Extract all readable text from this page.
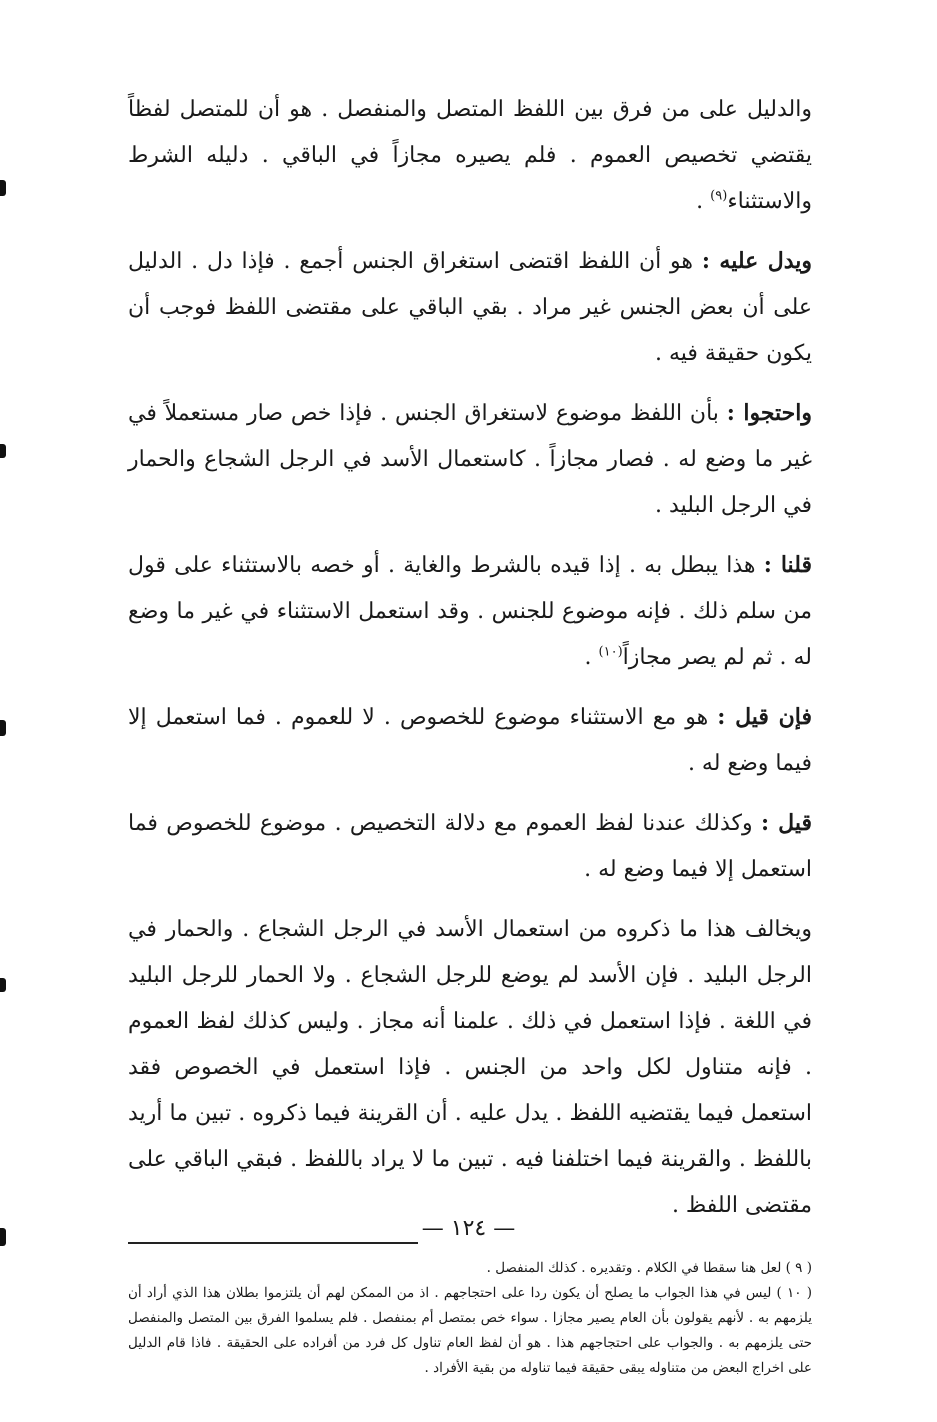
والدليل على من فرق بين اللفظ المتصل والمنفصل . هو أن للمتصل لفظاً يقتضي تخصيص العموم . فلم يصيره مجازاً في الباقي . دليله الشرط والاستثناء$^{(٩)}$ .

ويدل عليه : هو أن اللفظ اقتضى استغراق الجنس أجمع . فإذا دل . الدليل على أن بعض الجنس غير مراد . بقي الباقي على مقتضى اللفظ فوجب أن يكون حقيقة فيه .

واحتجوا : بأن اللفظ موضوع لاستغراق الجنس . فإذا خص صار مستعملاً في غير ما وضع له . فصار مجازاً . كاستعمال الأسد في الرجل الشجاع والحمار في الرجل البليد .

قلنا : هذا يبطل به . إذا قيده بالشرط والغاية . أو خصه بالاستثناء على قول من سلم ذلك . فإنه موضوع للجنس . وقد استعمل الاستثناء في غير ما وضع له . ثم لم يصر مجازاً$^{(١٠)}$ .

فإن قيل : هو مع الاستثناء موضوع للخصوص . لا للعموم . فما استعمل إلا فيما وضع له .

قيل : وكذلك عندنا لفظ العموم مع دلالة التخصيص . موضوع للخصوص فما استعمل إلا فيما وضع له .

ويخالف هذا ما ذكروه من استعمال الأسد في الرجل الشجاع . والحمار في الرجل البليد . فإن الأسد لم يوضع للرجل الشجاع . ولا الحمار للرجل البليد في اللغة . فإذا استعمل في ذلك . علمنا أنه مجاز . وليس كذلك لفظ العموم . فإنه متناول لكل واحد من الجنس . فإذا استعمل في الخصوص فقد استعمل فيما يقتضيه اللفظ . يدل عليه . أن القرينة فيما ذكروه . تبين ما أريد باللفظ . والقرينة فيما اختلفنا فيه . تبين ما لا يراد باللفظ . فبقي الباقي على مقتضى اللفظ .

( ٩ ) لعل هنا سقطا في الكلام . وتقديره . كذلك المنفصل .

( ١٠ ) ليس في هذا الجواب ما يصلح أن يكون ردا على احتجاجهم . اذ من الممكن لهم أن يلتزموا بطلان هذا الذي أراد أن يلزمهم به . لأنهم يقولون بأن العام يصير مجازا . سواء خص بمتصل أم بمنفصل . فلم يسلموا الفرق بين المتصل والمنفصل حتى يلزمهم به . والجواب على احتجاجهم هذا . هو أن لفظ العام تناول كل فرد من أفراده على الحقيقة . فاذا قام الدليل على اخراج البعض من متناوله يبقى حقيقة فيما تناوله من بقية الأفراد .

— ١٢٤ —
